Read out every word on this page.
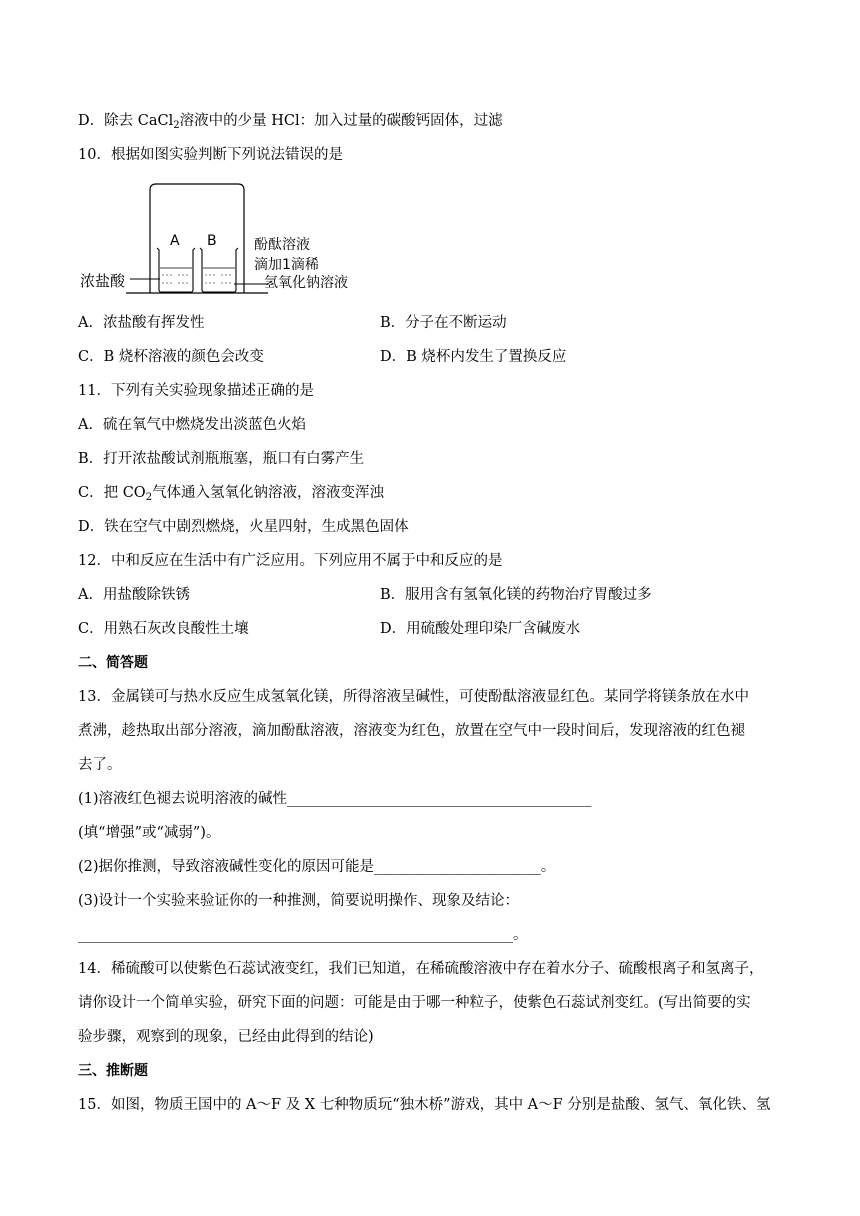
D．除去 CaCl$_2$溶液中的少量 HCl：加入过量的碳酸钙固体，过滤
10．根据如图实验判断下列说法错误的是
A B
浓盐酸
酚酞溶液
滴加1滴稀
氢氧化钠溶液
A．浓盐酸有挥发性	B．分子在不断运动
C．B 烧杯溶液的颜色会改变	D．B 烧杯内发生了置换反应
11．下列有关实验现象描述正确的是
A．硫在氧气中燃烧发出淡蓝色火焰
B．打开浓盐酸试剂瓶瓶塞，瓶口有白雾产生
C．把 $CO_2$气体通入氢氧化钠溶液，溶液变浑浊
D．铁在空气中剧烈燃烧，火星四射，生成黑色固体
12．中和反应在生活中有广泛应用。下列应用不属于中和反应的是
A．用盐酸除铁锈	B．服用含有氢氧化镁的药物治疗胃酸过多
C．用熟石灰改良酸性土壤	D．用硫酸处理印染厂含碱废水
二、简答题
13．金属镁可与热水反应生成氢氧化镁，所得溶液呈碱性，可使酚酞溶液显红色。某同学将镁条放在水中
煮沸，趁热取出部分溶液，滴加酚酞溶液，溶液变为红色，放置在空气中一段时间后，发现溶液的红色褪
去了。
(1)溶液红色褪去说明溶液的碱性__________________________________________
(填“增强”或“减弱”)。
(2)据你推测，导致溶液碱性变化的原因可能是_______________________。
(3)设计一个实验来验证你的一种推测，简要说明操作、现象及结论：
____________________________________________________________。
14．稀硫酸可以使紫色石蕊试液变红，我们已知道，在稀硫酸溶液中存在着水分子、硫酸根离子和氢离子，
请你设计一个简单实验，研究下面的问题：可能是由于哪一种粒子，使紫色石蕊试剂变红。(写出简要的实
验步骤，观察到的现象，已经由此得到的结论)
三、推断题
15．如图，物质王国中的 A～F 及 X 七种物质玩“独木桥”游戏，其中 A～F 分别是盐酸、氢气、氧化铁、氢
